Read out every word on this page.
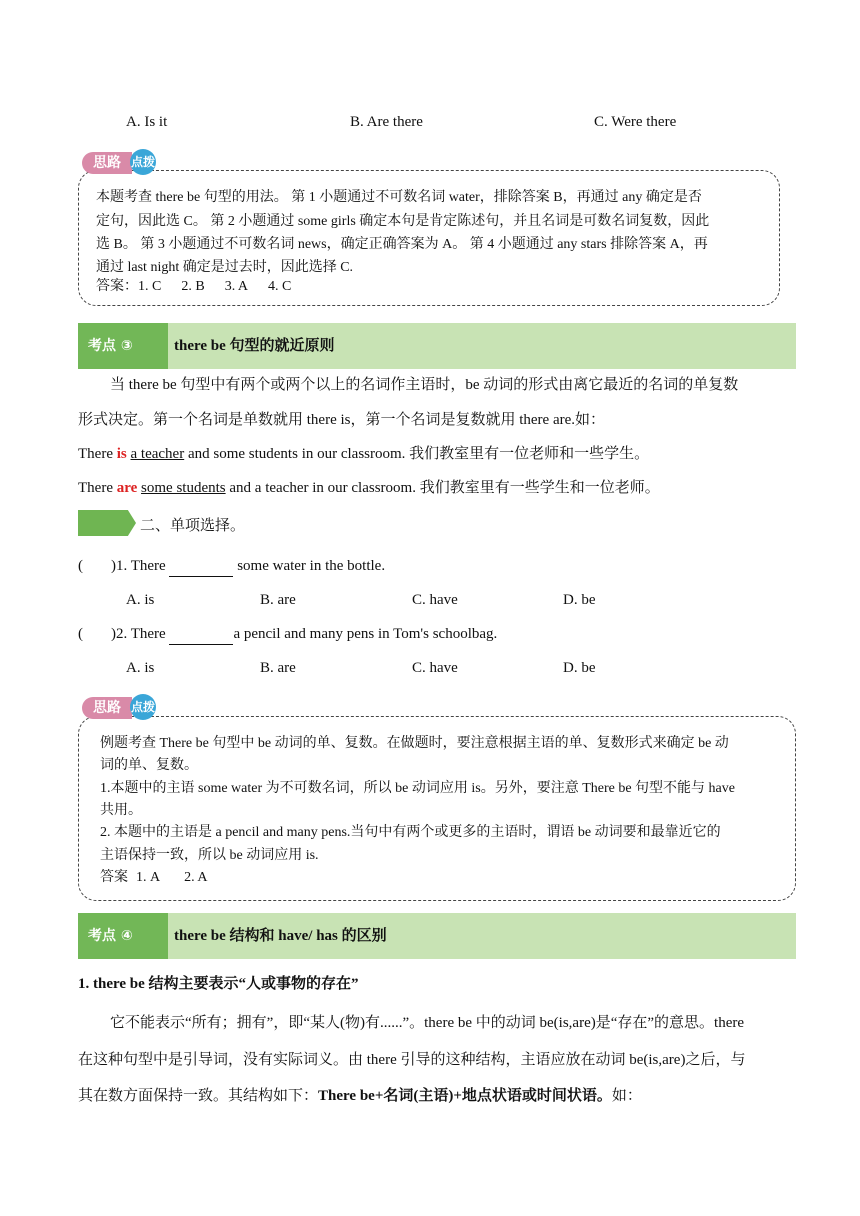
A. Is it	B. Are there	C. Were there
思路 点拨
本题考查 there be 句型的用法。 第 1 小题通过不可数名词 water，排除答案 B，再通过 any 确定是否
定句，因此选 C。 第 2 小题通过 some girls 确定本句是肯定陈述句，并且名词是可数名词复数，因此
选 B。 第 3 小题通过不可数名词 news，确定正确答案为 A。 第 4 小题通过 any stars 排除答案 A，再
通过 last night 确定是过去时，因此选择 C.
答案：1. C 2. B 3. A 4. C
考点 ③	there be 句型的就近原则
当 there be 句型中有两个或两个以上的名词作主语时，be 动词的形式由离它最近的名词的单复数
形式决定。第一个名词是单数就用 there is，第一个名词是复数就用 there are.如：
There is a teacher and some students in our classroom. 我们教室里有一位老师和一些学生。
There are some students and a teacher in our classroom. 我们教室里有一些学生和一位老师。
二、单项选择。
( )1. There	some water in the bottle.
A. is	B. are	C. have	D. be
( )2. There	a pencil and many pens in Tom's schoolbag.
A. is	B. are	C. have	D. be
思路 点拨
例题考查 There be 句型中 be 动词的单、复数。在做题时，要注意根据主语的单、复数形式来确定 be 动
词的单、复数。
1.本题中的主语 some water 为不可数名词，所以 be 动词应用 is。另外，要注意 There be 句型不能与 have
共用。
2. 本题中的主语是 a pencil and many pens.当句中有两个或更多的主语时，谓语 be 动词要和最靠近它的
主语保持一致，所以 be 动词应用 is.
答案 1. A 2. A
考点 ④	there be 结构和 have/ has 的区别
1. there be 结构主要表示“人或事物的存在”
它不能表示“所有；拥有”，即“某人(物)有......”。there be 中的动词 be(is,are)是“存在”的意思。there
在这种句型中是引导词，没有实际词义。由 there 引导的这种结构，主语应放在动词 be(is,are)之后，与
其在数方面保持一致。其结构如下：There be+名词(主语)+地点状语或时间状语。如：
